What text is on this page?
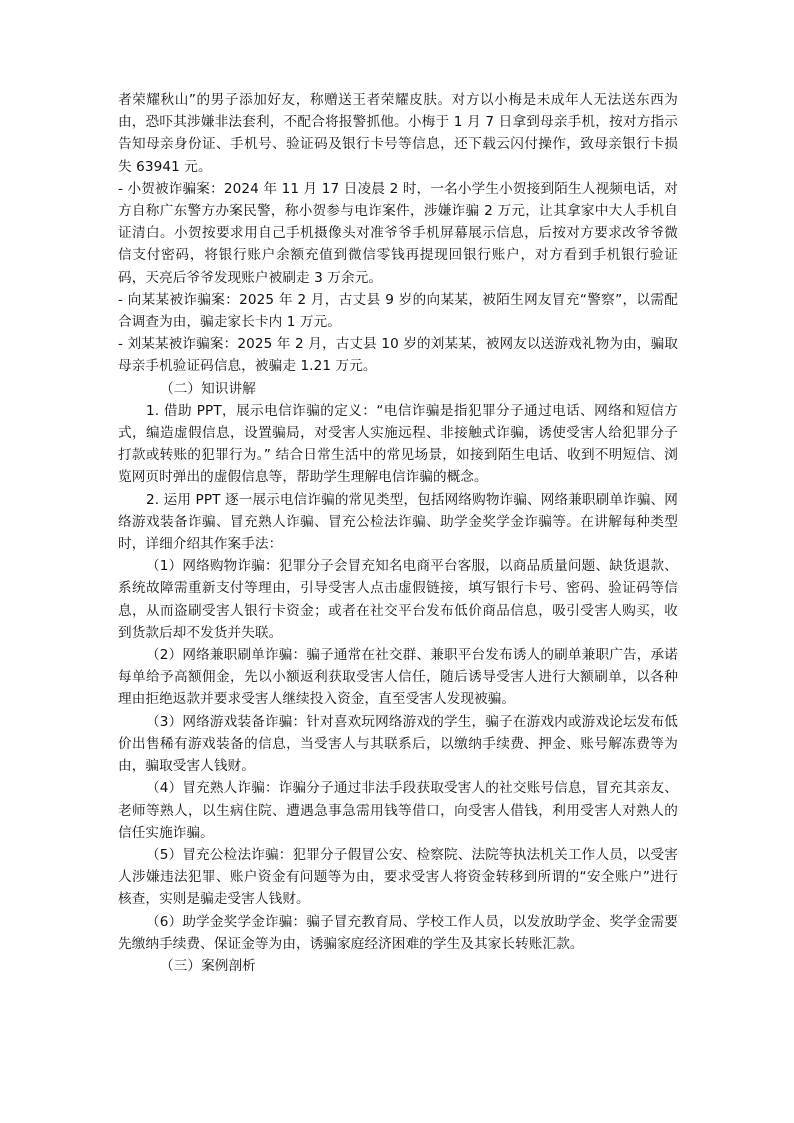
者荣耀秋山”的男子添加好友，称赠送王者荣耀皮肤。对方以小梅是未成年人无法送东西为由，恐吓其涉嫌非法套利，不配合将报警抓他。小梅于 1 月 7 日拿到母亲手机，按对方指示告知母亲身份证、手机号、验证码及银行卡号等信息，还下载云闪付操作，致母亲银行卡损失 63941 元。

- 小贺被诈骗案：2024 年 11 月 17 日凌晨 2 时，一名小学生小贺接到陌生人视频电话，对方自称广东警方办案民警，称小贺参与电诈案件，涉嫌诈骗 2 万元，让其拿家中大人手机自证清白。小贺按要求用自己手机摄像头对准爷爷手机屏幕展示信息，后按对方要求改爷爷微信支付密码，将银行账户余额充值到微信零钱再提现回银行账户，对方看到手机银行验证码，天亮后爷爷发现账户被刷走 3 万余元。

- 向某某被诈骗案：2025 年 2 月，古丈县 9 岁的向某某，被陌生网友冒充“警察”，以需配合调查为由，骗走家长卡内 1 万元。

- 刘某某被诈骗案：2025 年 2 月，古丈县 10 岁的刘某某，被网友以送游戏礼物为由，骗取母亲手机验证码信息，被骗走 1.21 万元。

（二）知识讲解

1. 借助 PPT，展示电信诈骗的定义：“电信诈骗是指犯罪分子通过电话、网络和短信方式，编造虚假信息，设置骗局，对受害人实施远程、非接触式诈骗，诱使受害人给犯罪分子打款或转账的犯罪行为。” 结合日常生活中的常见场景，如接到陌生电话、收到不明短信、浏览网页时弹出的虚假信息等，帮助学生理解电信诈骗的概念。

2. 运用 PPT 逐一展示电信诈骗的常见类型，包括网络购物诈骗、网络兼职刷单诈骗、网络游戏装备诈骗、冒充熟人诈骗、冒充公检法诈骗、助学金奖学金诈骗等。在讲解每种类型时，详细介绍其作案手法：

（1）网络购物诈骗：犯罪分子会冒充知名电商平台客服，以商品质量问题、缺货退款、系统故障需重新支付等理由，引导受害人点击虚假链接，填写银行卡号、密码、验证码等信息，从而盗刷受害人银行卡资金；或者在社交平台发布低价商品信息，吸引受害人购买，收到货款后却不发货并失联。

（2）网络兼职刷单诈骗：骗子通常在社交群、兼职平台发布诱人的刷单兼职广告，承诺每单给予高额佣金，先以小额返利获取受害人信任，随后诱导受害人进行大额刷单，以各种理由拒绝返款并要求受害人继续投入资金，直至受害人发现被骗。

（3）网络游戏装备诈骗：针对喜欢玩网络游戏的学生，骗子在游戏内或游戏论坛发布低价出售稀有游戏装备的信息，当受害人与其联系后，以缴纳手续费、押金、账号解冻费等为由，骗取受害人钱财。

（4）冒充熟人诈骗：诈骗分子通过非法手段获取受害人的社交账号信息，冒充其亲友、老师等熟人，以生病住院、遭遇急事急需用钱等借口，向受害人借钱，利用受害人对熟人的信任实施诈骗。

（5）冒充公检法诈骗：犯罪分子假冒公安、检察院、法院等执法机关工作人员，以受害人涉嫌违法犯罪、账户资金有问题等为由，要求受害人将资金转移到所谓的“安全账户”进行核查，实则是骗走受害人钱财。

（6）助学金奖学金诈骗：骗子冒充教育局、学校工作人员，以发放助学金、奖学金需要先缴纳手续费、保证金等为由，诱骗家庭经济困难的学生及其家长转账汇款。

（三）案例剖析
